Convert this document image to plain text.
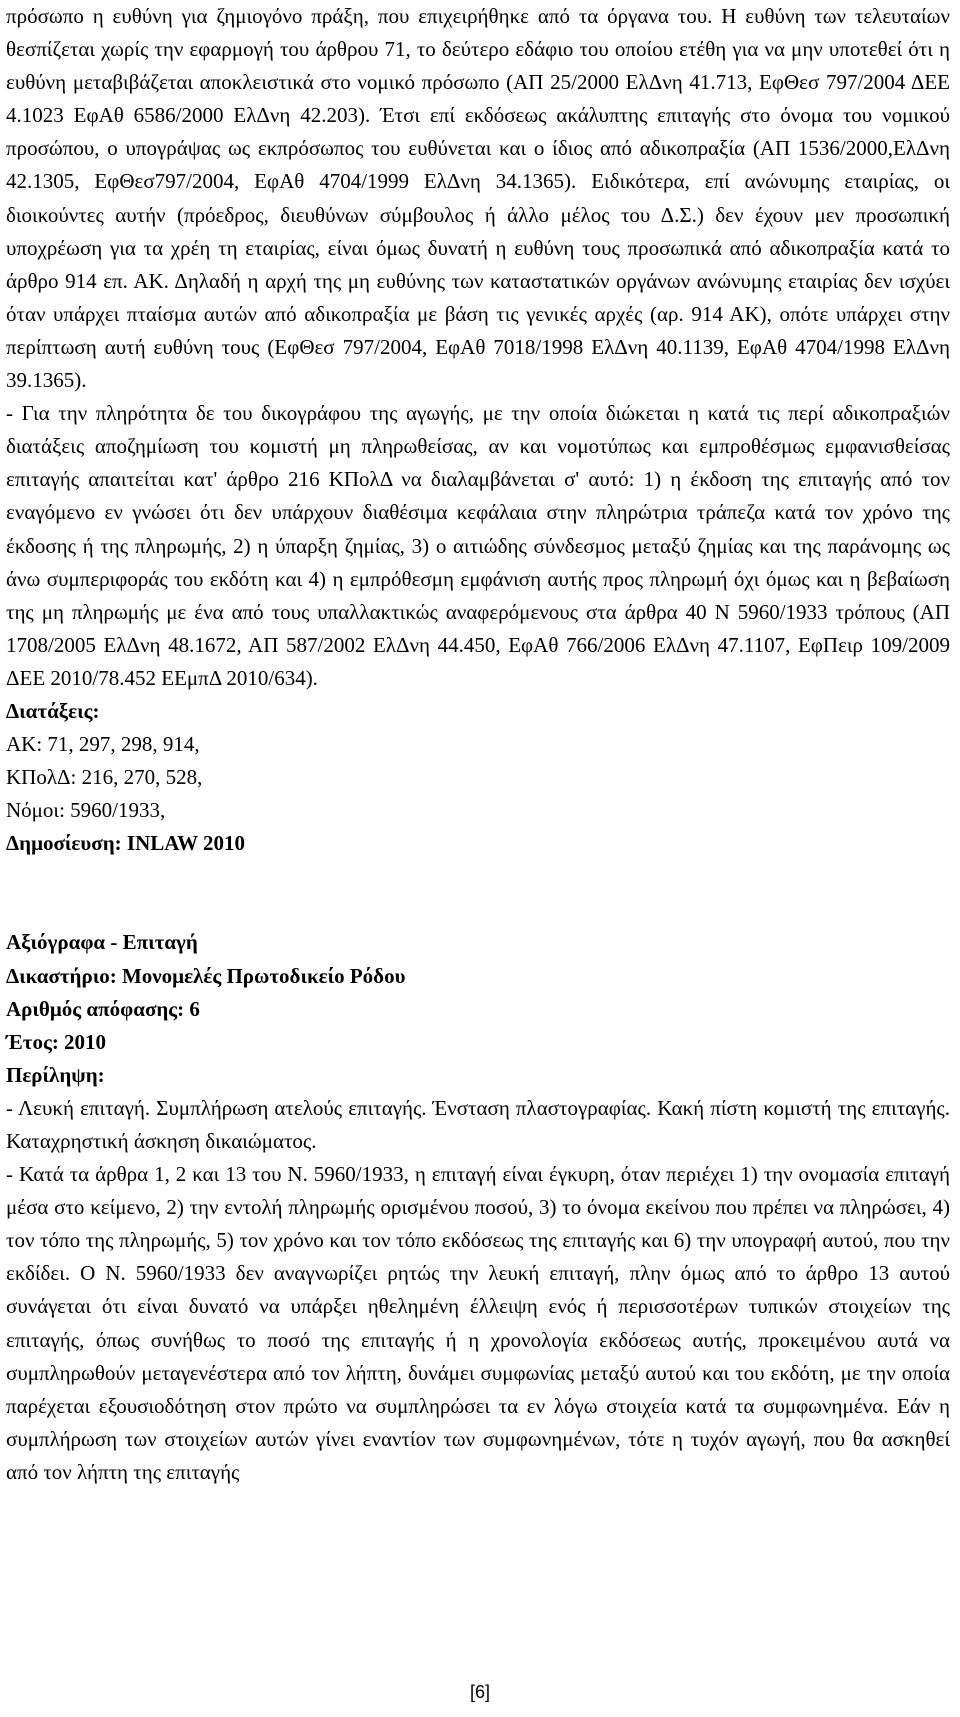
πρόσωπο η ευθύνη για ζημιογόνο πράξη, που επιχειρήθηκε από τα όργανα του. Η ευθύνη των τελευταίων θεσπίζεται χωρίς την εφαρμογή του άρθρου 71, το δεύτερο εδάφιο του οποίου ετέθη για να μην υποτεθεί ότι η ευθύνη μεταβιβάζεται αποκλειστικά στο νομικό πρόσωπο (ΑΠ 25/2000 ΕλΔνη 41.713, ΕφΘεσ 797/2004 ΔΕΕ 4.1023 ΕφΑθ 6586/2000 ΕλΔνη 42.203). Έτσι επί εκδόσεως ακάλυπτης επιταγής στο όνομα του νομικού προσώπου, ο υπογράψας ως εκπρόσωπος του ευθύνεται και ο ίδιος από αδικοπραξία (ΑΠ 1536/2000,ΕλΔνη 42.1305, ΕφΘεσ797/2004, ΕφΑθ 4704/1999 ΕλΔνη 34.1365). Ειδικότερα, επί ανώνυμης εταιρίας, οι διοικούντες αυτήν (πρόεδρος, διευθύνων σύμβουλος ή άλλο μέλος του Δ.Σ.) δεν έχουν μεν προσωπική υποχρέωση για τα χρέη τη εταιρίας, είναι όμως δυνατή η ευθύνη τους προσωπικά από αδικοπραξία κατά το άρθρο 914 επ. ΑΚ. Δηλαδή η αρχή της μη ευθύνης των καταστατικών οργάνων ανώνυμης εταιρίας δεν ισχύει όταν υπάρχει πταίσμα αυτών από αδικοπραξία με βάση τις γενικές αρχές (αρ. 914 ΑΚ), οπότε υπάρχει στην περίπτωση αυτή ευθύνη τους (ΕφΘεσ 797/2004, ΕφΑθ 7018/1998 ΕλΔνη 40.1139, ΕφΑθ 4704/1998 ΕλΔνη 39.1365).

- Για την πληρότητα δε του δικογράφου της αγωγής, με την οποία διώκεται η κατά τις περί αδικοπραξιών διατάξεις αποζημίωση του κομιστή μη πληρωθείσας, αν και νομοτύπως και εμπροθέσμως εμφανισθείσας επιταγής απαιτείται κατ' άρθρο 216 ΚΠολΔ να διαλαμβάνεται σ' αυτό: 1) η έκδοση της επιταγής από τον εναγόμενο εν γνώσει ότι δεν υπάρχουν διαθέσιμα κεφάλαια στην πληρώτρια τράπεζα κατά τον χρόνο της έκδοσης ή της πληρωμής, 2) η ύπαρξη ζημίας, 3) ο αιτιώδης σύνδεσμος μεταξύ ζημίας και της παράνομης ως άνω συμπεριφοράς του εκδότη και 4) η εμπρόθεσμη εμφάνιση αυτής προς πληρωμή όχι όμως και η βεβαίωση της μη πληρωμής με ένα από τους υπαλλακτικώς αναφερόμενους στα άρθρα 40 Ν 5960/1933 τρόπους (ΑΠ 1708/2005 ΕλΔνη 48.1672, ΑΠ 587/2002 ΕλΔνη 44.450, ΕφΑθ 766/2006 ΕλΔνη 47.1107, ΕφΠειρ 109/2009 ΔΕΕ 2010/78.452 ΕΕμπΔ 2010/634).

Διατάξεις:
ΑΚ: 71, 297, 298, 914,
ΚΠολΔ: 216, 270, 528,
Νόμοι: 5960/1933,
Δημοσίευση: INLAW 2010
Αξιόγραφα - Επιταγή
Δικαστήριο: Μονομελές Πρωτοδικείο Ρόδου
Αριθμός απόφασης: 6
Έτος: 2010
Περίληψη:

- Λευκή επιταγή. Συμπλήρωση ατελούς επιταγής. Ένσταση πλαστογραφίας. Κακή πίστη κομιστή της επιταγής. Καταχρηστική άσκηση δικαιώματος.

- Κατά τα άρθρα 1, 2 και 13 του Ν. 5960/1933, η επιταγή είναι έγκυρη, όταν περιέχει 1) την ονομασία επιταγή μέσα στο κείμενο, 2) την εντολή πληρωμής ορισμένου ποσού, 3) το όνομα εκείνου που πρέπει να πληρώσει, 4) τον τόπο της πληρωμής, 5) τον χρόνο και τον τόπο εκδόσεως της επιταγής και 6) την υπογραφή αυτού, που την εκδίδει. Ο Ν. 5960/1933 δεν αναγνωρίζει ρητώς την λευκή επιταγή, πλην όμως από το άρθρο 13 αυτού συνάγεται ότι είναι δυνατό να υπάρξει ηθελημένη έλλειψη ενός ή περισσοτέρων τυπικών στοιχείων της επιταγής, όπως συνήθως το ποσό της επιταγής ή η χρονολογία εκδόσεως αυτής, προκειμένου αυτά να συμπληρωθούν μεταγενέστερα από τον λήπτη, δυνάμει συμφωνίας μεταξύ αυτού και του εκδότη, με την οποία παρέχεται εξουσιοδότηση στον πρώτο να συμπληρώσει τα εν λόγω στοιχεία κατά τα συμφωνημένα. Εάν η συμπλήρωση των στοιχείων αυτών γίνει εναντίον των συμφωνημένων, τότε η τυχόν αγωγή, που θα ασκηθεί από τον λήπτη της επιταγής

[6]
